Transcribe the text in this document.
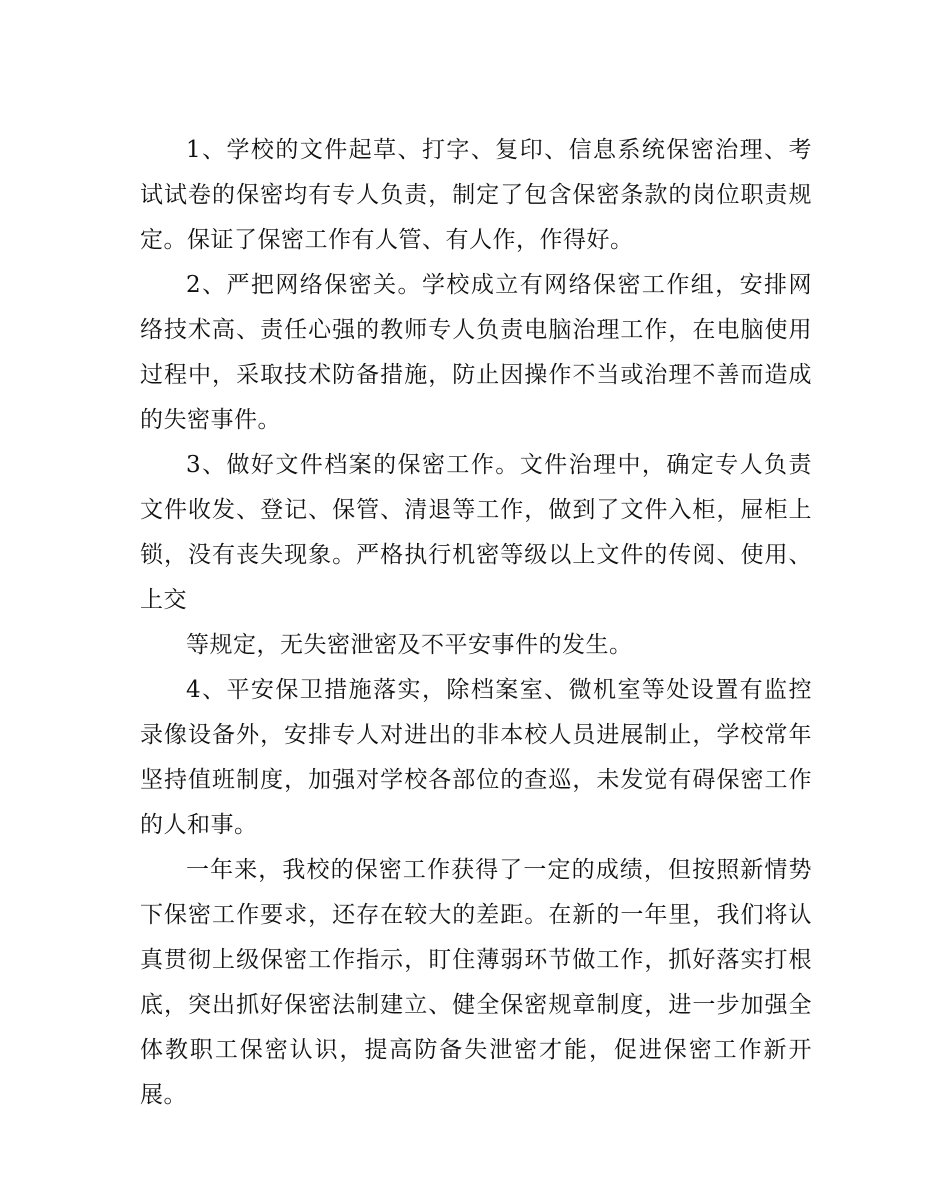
1、学校的文件起草、打字、复印、信息系统保密治理、考试试卷的保密均有专人负责，制定了包含保密条款的岗位职责规定。保证了保密工作有人管、有人作，作得好。

2、严把网络保密关。学校成立有网络保密工作组，安排网络技术高、责任心强的教师专人负责电脑治理工作，在电脑使用过程中，采取技术防备措施，防止因操作不当或治理不善而造成的失密事件。

3、做好文件档案的保密工作。文件治理中，确定专人负责文件收发、登记、保管、清退等工作，做到了文件入柜，屉柜上锁，没有丧失现象。严格执行机密等级以上文件的传阅、使用、上交

等规定，无失密泄密及不平安事件的发生。

4、平安保卫措施落实，除档案室、微机室等处设置有监控录像设备外，安排专人对进出的非本校人员进展制止，学校常年坚持值班制度，加强对学校各部位的查巡，未发觉有碍保密工作的人和事。

一年来，我校的保密工作获得了一定的成绩，但按照新情势下保密工作要求，还存在较大的差距。在新的一年里，我们将认真贯彻上级保密工作指示，盯住薄弱环节做工作，抓好落实打根底，突出抓好保密法制建立、健全保密规章制度，进一步加强全体教职工保密认识，提高防备失泄密才能，促进保密工作新开展。
